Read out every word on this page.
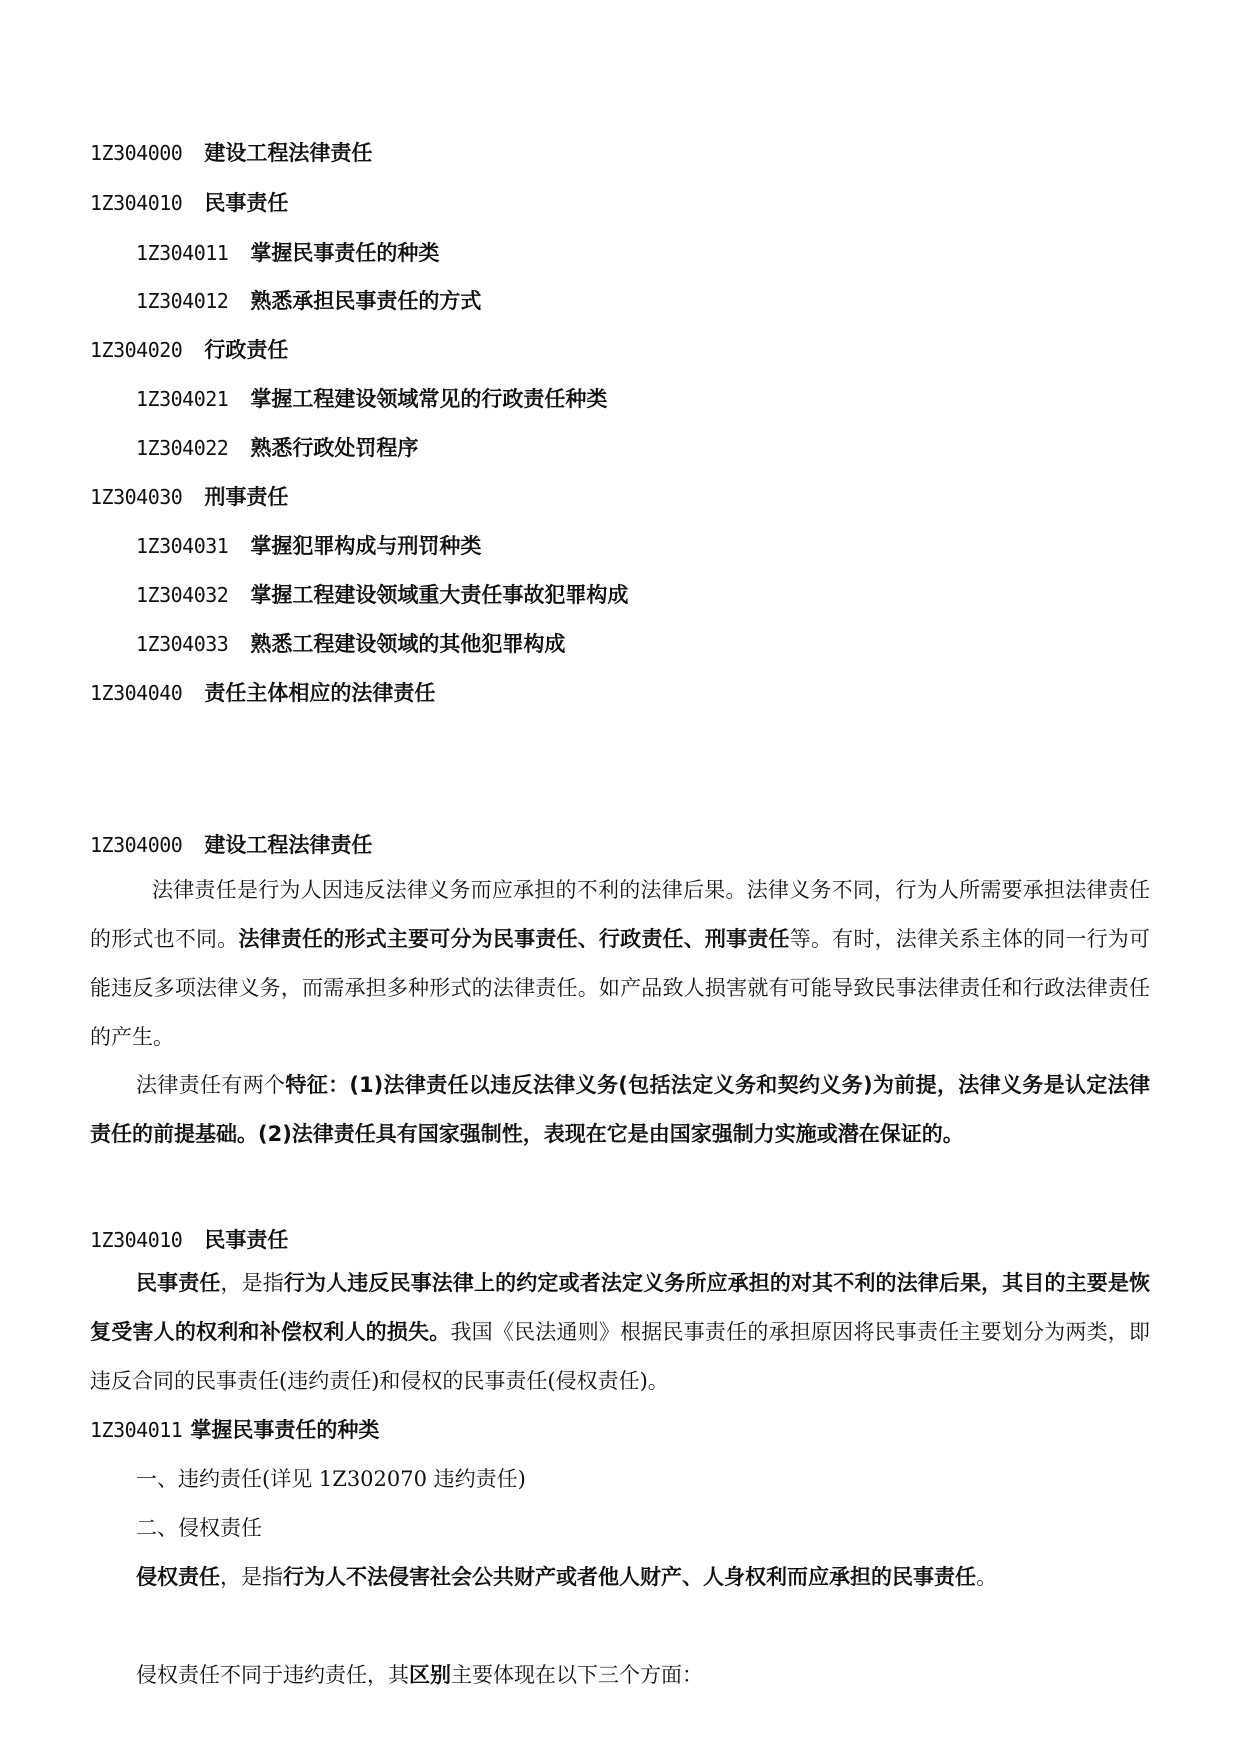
1Z304000 建设工程法律责任
1Z304010 民事责任
1Z304011 掌握民事责任的种类
1Z304012 熟悉承担民事责任的方式
1Z304020 行政责任
1Z304021 掌握工程建设领域常见的行政责任种类
1Z304022 熟悉行政处罚程序
1Z304030 刑事责任
1Z304031 掌握犯罪构成与刑罚种类
1Z304032 掌握工程建设领域重大责任事故犯罪构成
1Z304033 熟悉工程建设领域的其他犯罪构成
1Z304040 责任主体相应的法律责任
1Z304000 建设工程法律责任

法律责任是行为人因违反法律义务而应承担的不利的法律后果。法律义务不同，行为人所需要承担法律责任的形式也不同。法律责任的形式主要可分为民事责任、行政责任、刑事责任等。有时，法律关系主体的同一行为可能违反多项法律义务，而需承担多种形式的法律责任。如产品致人损害就有可能导致民事法律责任和行政法律责任的产生。

法律责任有两个特征：(1)法律责任以违反法律义务(包括法定义务和契约义务)为前提，法律义务是认定法律责任的前提基础。(2)法律责任具有国家强制性，表现在它是由国家强制力实施或潜在保证的。

1Z304010 民事责任

民事责任，是指行为人违反民事法律上的约定或者法定义务所应承担的对其不利的法律后果，其目的主要是恢复受害人的权利和补偿权利人的损失。我国《民法通则》根据民事责任的承担原因将民事责任主要划分为两类，即违反合同的民事责任(违约责任)和侵权的民事责任(侵权责任)。

1Z304011 掌握民事责任的种类
一、违约责任(详见 1Z302070 违约责任)
二、侵权责任
侵权责任，是指行为人不法侵害社会公共财产或者他人财产、人身权利而应承担的民事责任。
侵权责任不同于违约责任，其区别主要体现在以下三个方面：
